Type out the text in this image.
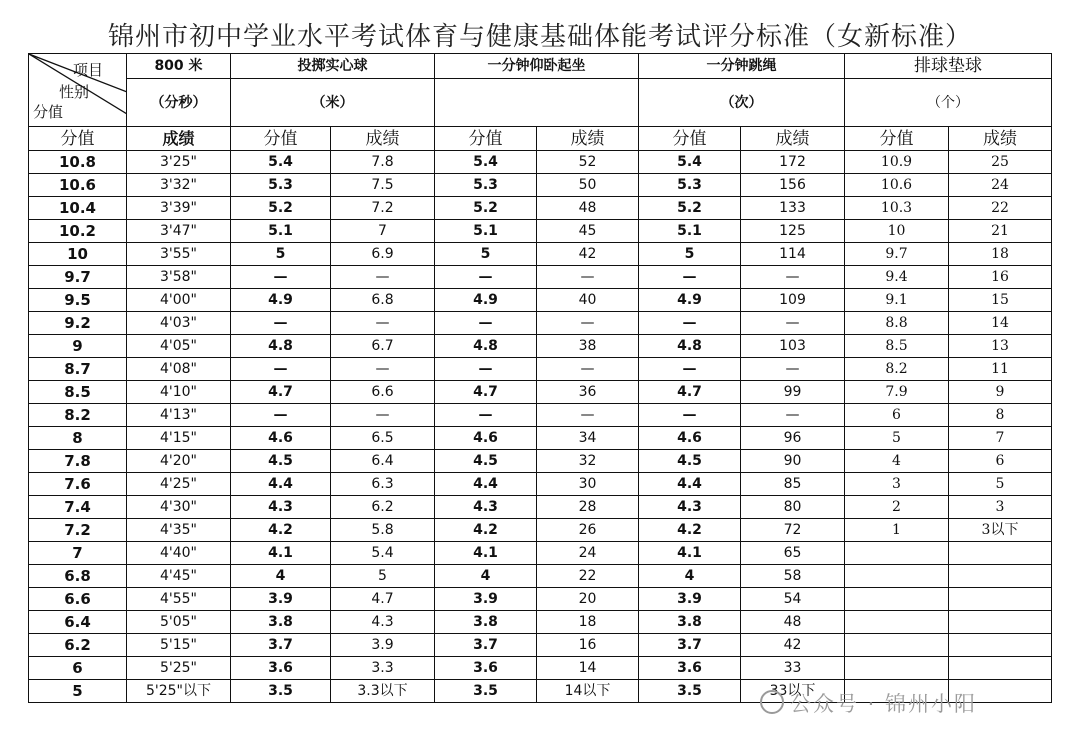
锦州市初中学业水平考试体育与健康基础体能考试评分标准（女新标准）
项目
性别
分值	800 米	投掷实心球		一分钟仰卧起坐		一分钟跳绳		排球垫球	
	（分秒）	（米）				（次）		（个）	
分值	成绩	分值	成绩	分值	成绩	分值	成绩	分值	成绩
10.8	3'25"	5.4	7.8	5.4	52	5.4	172	10.9	25
10.6	3'32"	5.3	7.5	5.3	50	5.3	156	10.6	24
10.4	3'39"	5.2	7.2	5.2	48	5.2	133	10.3	22
10.2	3'47"	5.1	7	5.1	45	5.1	125	10	21
10	3'55"	5	6.9	5	42	5	114	9.7	18
9.7	3'58"	—	—	—	—	—	—	9.4	16
9.5	4'00"	4.9	6.8	4.9	40	4.9	109	9.1	15
9.2	4'03"	—	—	—	—	—	—	8.8	14
9	4'05"	4.8	6.7	4.8	38	4.8	103	8.5	13
8.7	4'08"	—	—	—	—	—	—	8.2	11
8.5	4'10"	4.7	6.6	4.7	36	4.7	99	7.9	9
8.2	4'13"	—	—	—	—	—	—	6	8
8	4'15"	4.6	6.5	4.6	34	4.6	96	5	7
7.8	4'20"	4.5	6.4	4.5	32	4.5	90	4	6
7.6	4'25"	4.4	6.3	4.4	30	4.4	85	3	5
7.4	4'30"	4.3	6.2	4.3	28	4.3	80	2	3
7.2	4'35"	4.2	5.8	4.2	26	4.2	72	1	3以下
7	4'40"	4.1	5.4	4.1	24	4.1	65		
6.8	4'45"	4	5	4	22	4	58		
6.6	4'55"	3.9	4.7	3.9	20	3.9	54		
6.4	5'05"	3.8	4.3	3.8	18	3.8	48		
6.2	5'15"	3.7	3.9	3.7	16	3.7	42		
6	5'25"	3.6	3.3	3.6	14	3.6	33		
5	5'25"以下	3.5	3.3以下	3.5	14以下	3.5	33以下		
公众号 · 锦州小阳
